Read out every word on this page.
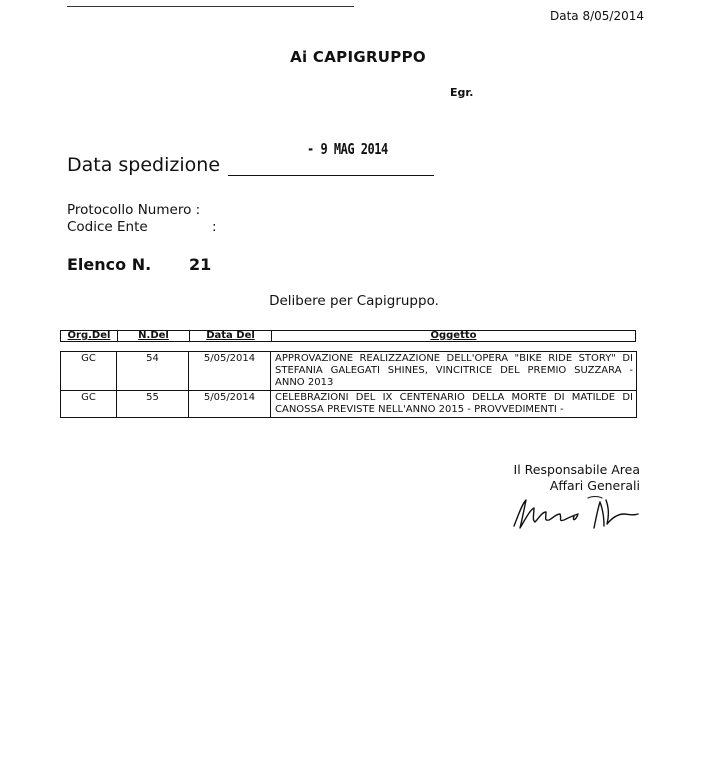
Data 8/05/2014
Ai CAPIGRUPPO
Egr.
- 9 MAG 2014
Data spedizione
Protocollo Numero :
Codice Ente	:
Elenco N. 21
Delibere per Capigruppo.
Org.Del	N.Del	Data Del	Oggetto
GC	54	5/05/2014	APPROVAZIONE REALIZZAZIONE DELL'OPERA "BIKE RIDE STORY" DI STEFANIA GALEGATI SHINES, VINCITRICE DEL PREMIO SUZZARA - ANNO 2013
GC	55	5/05/2014	CELEBRAZIONI DEL IX CENTENARIO DELLA MORTE DI MATILDE DI CANOSSA PREVISTE NELL'ANNO 2015 - PROVVEDIMENTI -
Il Responsabile Area
Affari Generali
